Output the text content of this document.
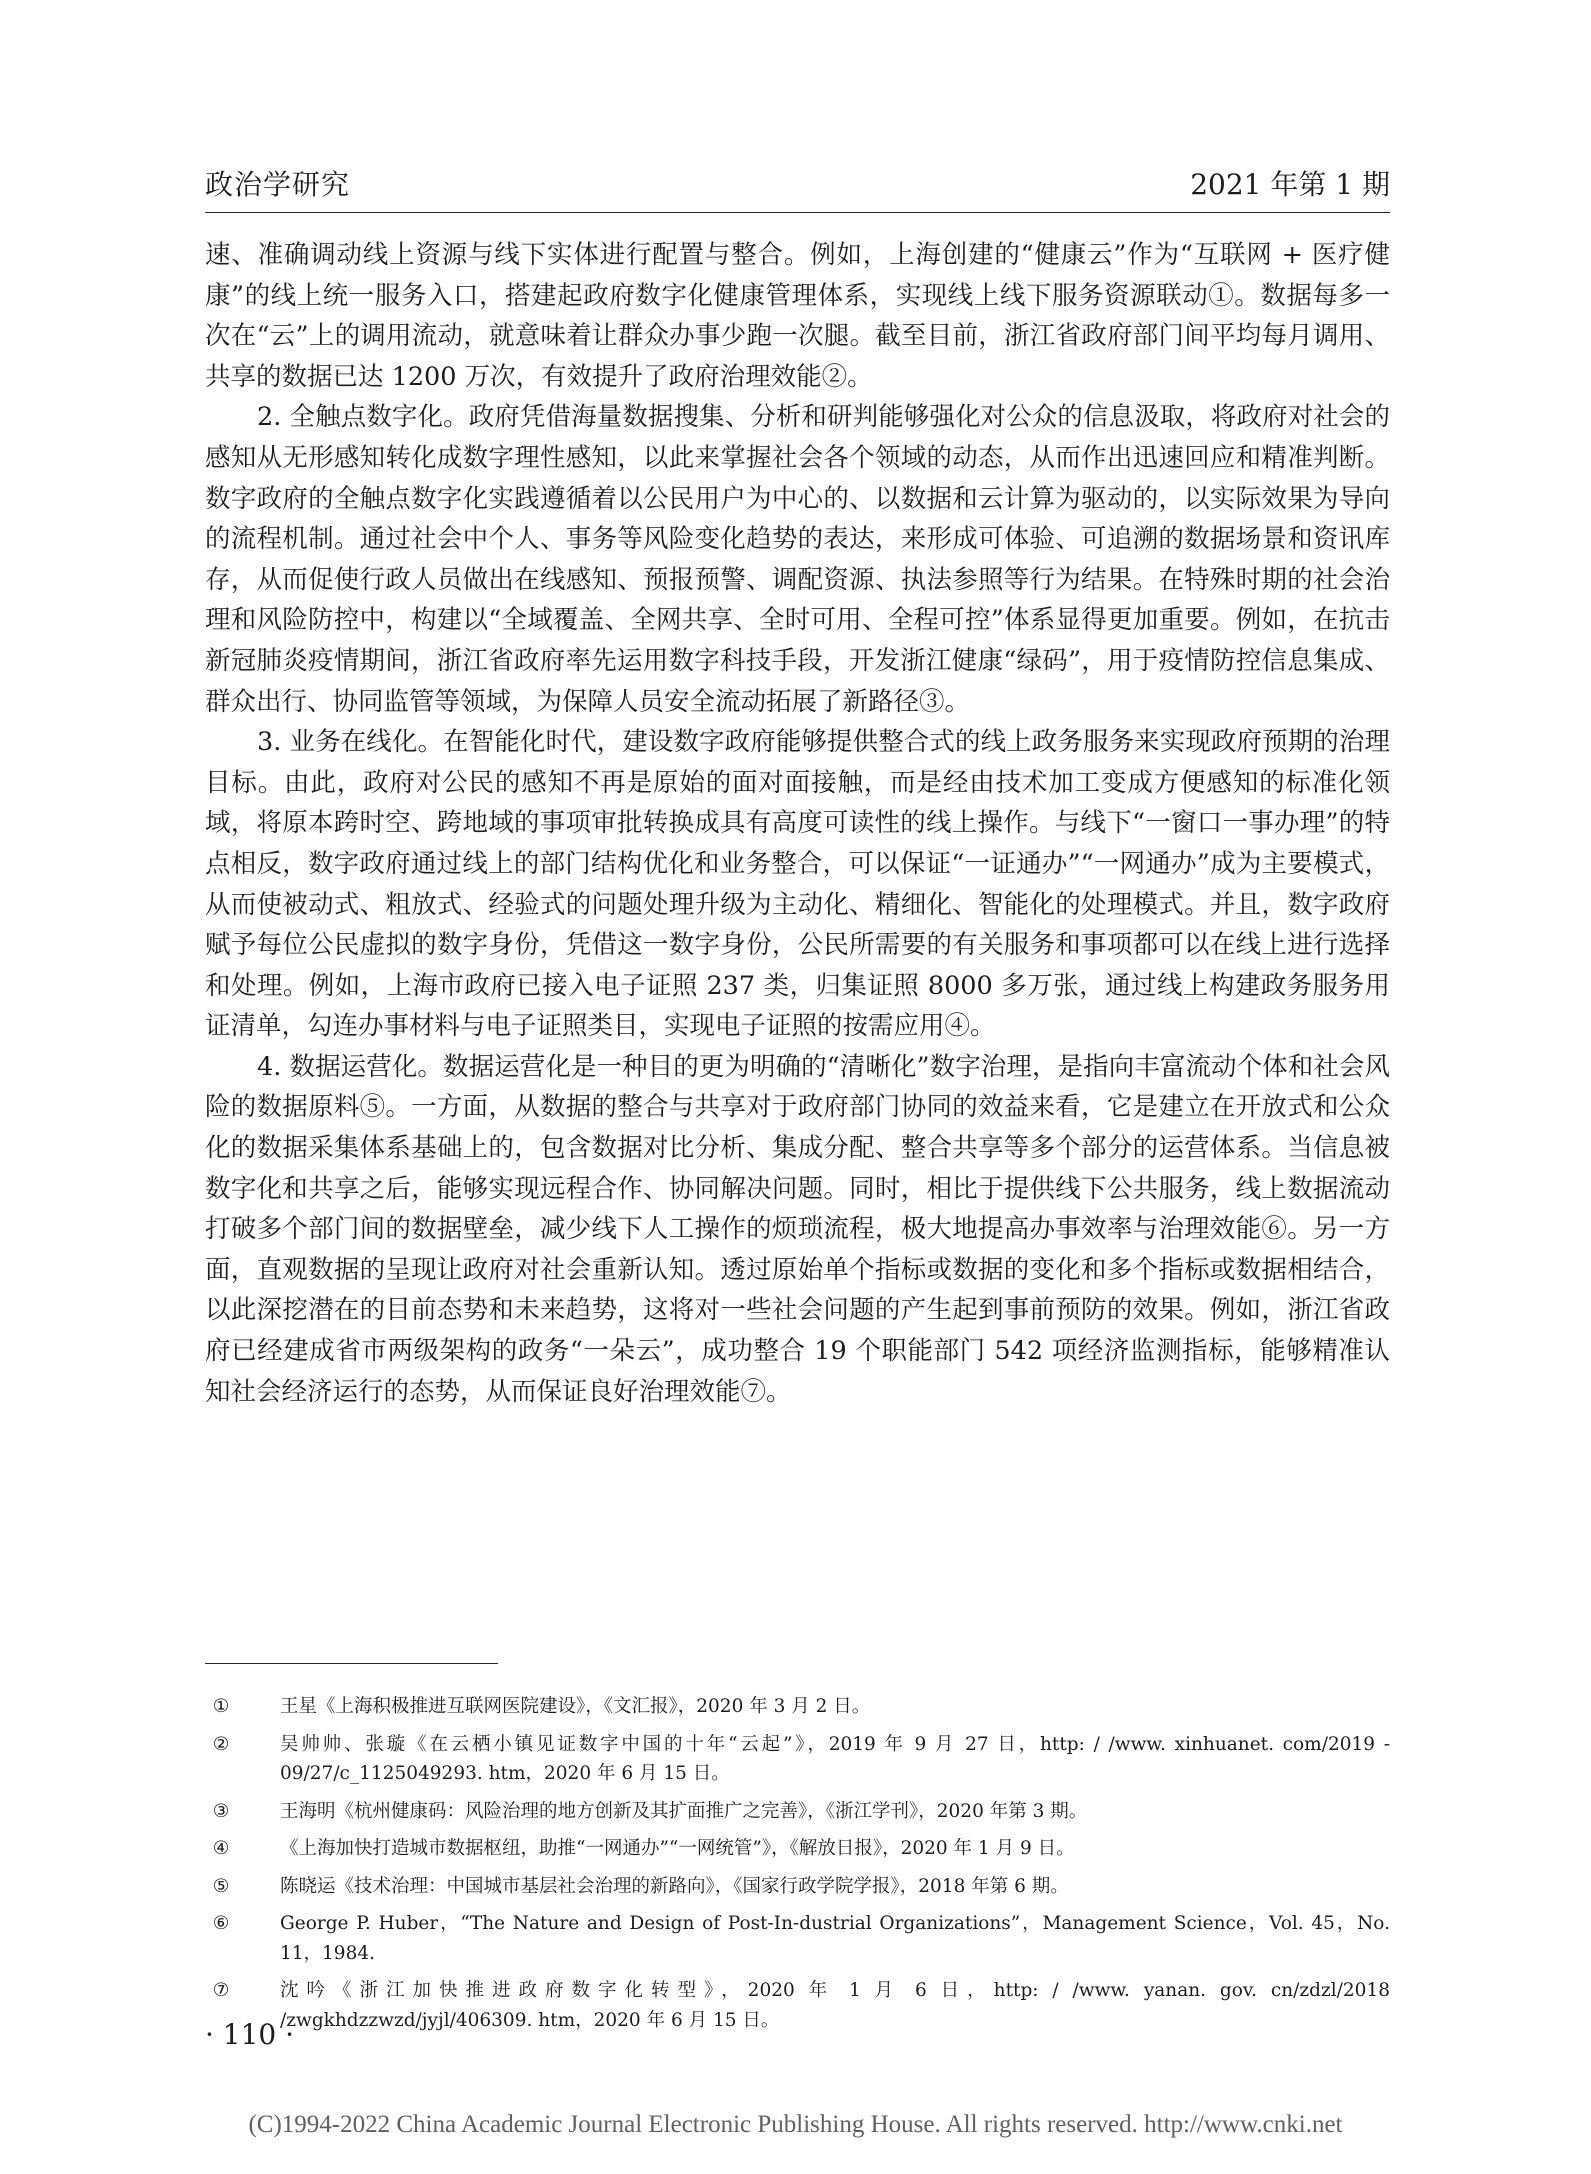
政治学研究	2021 年第 1 期

速、准确调动线上资源与线下实体进行配置与整合。例如，上海创建的“健康云”作为“互联网 + 医疗健康”的线上统一服务入口，搭建起政府数字化健康管理体系，实现线上线下服务资源联动①。数据每多一次在“云”上的调用流动，就意味着让群众办事少跑一次腿。截至目前，浙江省政府部门间平均每月调用、共享的数据已达 1200 万次，有效提升了政府治理效能②。

2. 全触点数字化。政府凭借海量数据搜集、分析和研判能够强化对公众的信息汲取，将政府对社会的感知从无形感知转化成数字理性感知，以此来掌握社会各个领域的动态，从而作出迅速回应和精准判断。数字政府的全触点数字化实践遵循着以公民用户为中心的、以数据和云计算为驱动的，以实际效果为导向的流程机制。通过社会中个人、事务等风险变化趋势的表达，来形成可体验、可追溯的数据场景和资讯库存，从而促使行政人员做出在线感知、预报预警、调配资源、执法参照等行为结果。在特殊时期的社会治理和风险防控中，构建以“全域覆盖、全网共享、全时可用、全程可控”体系显得更加重要。例如，在抗击新冠肺炎疫情期间，浙江省政府率先运用数字科技手段，开发浙江健康“绿码”，用于疫情防控信息集成、群众出行、协同监管等领域，为保障人员安全流动拓展了新路径③。

3. 业务在线化。在智能化时代，建设数字政府能够提供整合式的线上政务服务来实现政府预期的治理目标。由此，政府对公民的感知不再是原始的面对面接触，而是经由技术加工变成方便感知的标准化领域，将原本跨时空、跨地域的事项审批转换成具有高度可读性的线上操作。与线下“一窗口一事办理”的特点相反，数字政府通过线上的部门结构优化和业务整合，可以保证“一证通办”“一网通办”成为主要模式，从而使被动式、粗放式、经验式的问题处理升级为主动化、精细化、智能化的处理模式。并且，数字政府赋予每位公民虚拟的数字身份，凭借这一数字身份，公民所需要的有关服务和事项都可以在线上进行选择和处理。例如，上海市政府已接入电子证照 237 类，归集证照 8000 多万张，通过线上构建政务服务用证清单，勾连办事材料与电子证照类目，实现电子证照的按需应用④。

4. 数据运营化。数据运营化是一种目的更为明确的“清晰化”数字治理，是指向丰富流动个体和社会风险的数据原料⑤。一方面，从数据的整合与共享对于政府部门协同的效益来看，它是建立在开放式和公众化的数据采集体系基础上的，包含数据对比分析、集成分配、整合共享等多个部分的运营体系。当信息被数字化和共享之后，能够实现远程合作、协同解决问题。同时，相比于提供线下公共服务，线上数据流动打破多个部门间的数据壁垒，减少线下人工操作的烦琐流程，极大地提高办事效率与治理效能⑥。另一方面，直观数据的呈现让政府对社会重新认知。透过原始单个指标或数据的变化和多个指标或数据相结合，以此深挖潜在的目前态势和未来趋势，这将对一些社会问题的产生起到事前预防的效果。例如，浙江省政府已经建成省市两级架构的政务“一朵云”，成功整合 19 个职能部门 542 项经济监测指标，能够精准认知社会经济运行的态势，从而保证良好治理效能⑦。

①	王星《上海积极推进互联网医院建设》，《文汇报》，2020 年 3 月 2 日。
②	吴帅帅、张璇《在云栖小镇见证数字中国的十年“云起”》，2019 年 9 月 27 日，http: / /www. xinhuanet. com/2019 - 09/27/c_1125049293. htm，2020 年 6 月 15 日。
③	王海明《杭州健康码：风险治理的地方创新及其扩面推广之完善》，《浙江学刊》，2020 年第 3 期。
④	《上海加快打造城市数据枢纽，助推“一网通办”“一网统管”》，《解放日报》，2020 年 1 月 9 日。
⑤	陈晓运《技术治理：中国城市基层社会治理的新路向》，《国家行政学院学报》，2018 年第 6 期。
⑥	George P. Huber，“The Nature and Design of Post-In-dustrial Organizations”，Management Science，Vol. 45，No. 11，1984.
⑦	沈吟《浙江加快推进政府数字化转型》，2020 年 1 月 6 日，http: / /www. yanan. gov. cn/zdzl/2018 /zwgkhdzzwzd/jyjl/406309. htm，2020 年 6 月 15 日。
· 110 ·
(C)1994-2022 China Academic Journal Electronic Publishing House. All rights reserved. http://www.cnki.net
